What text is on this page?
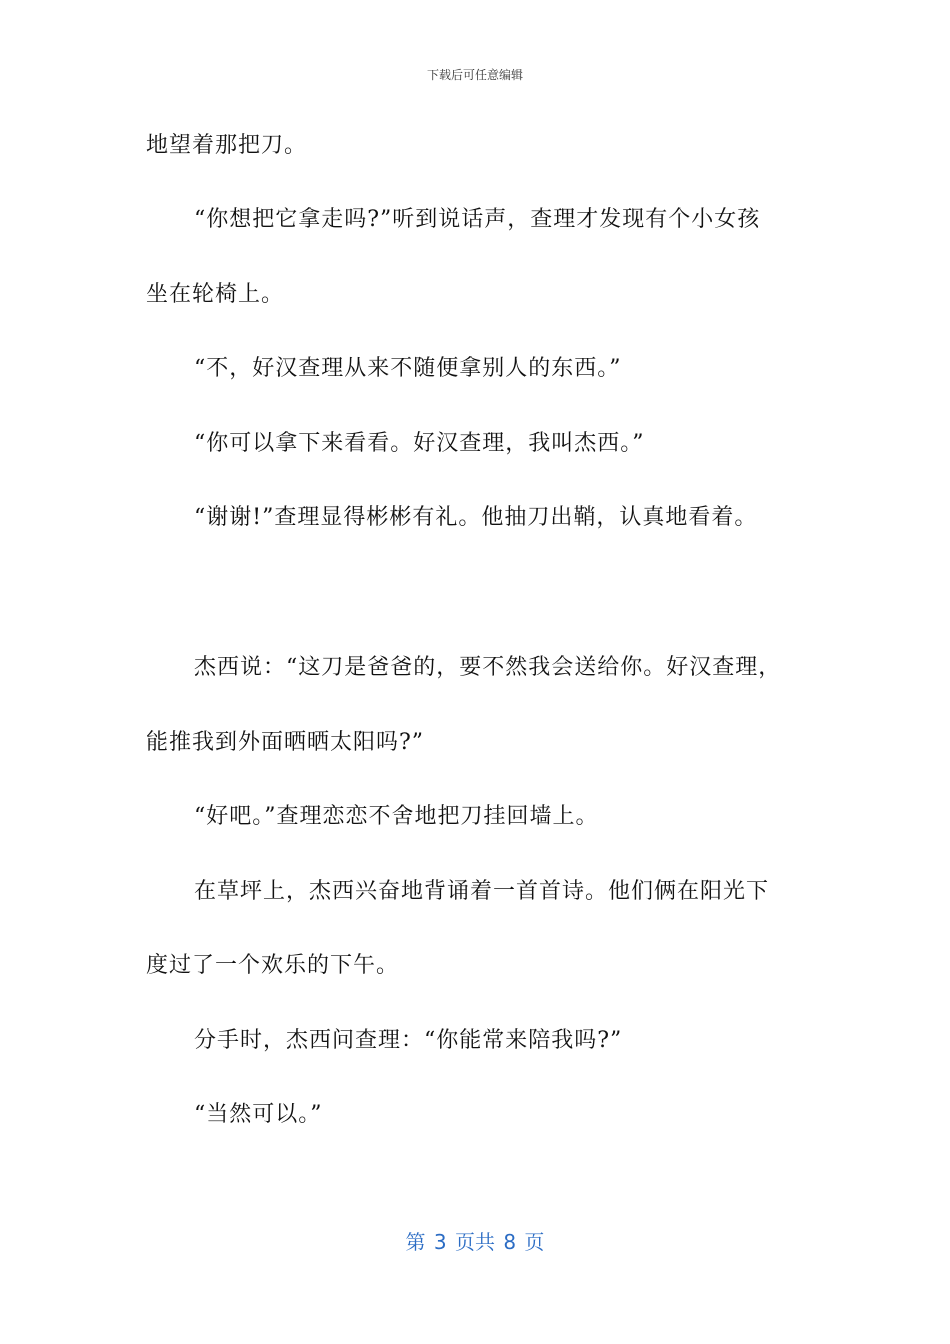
下载后可任意编辑
地望着那把刀。
“你想把它拿走吗?”听到说话声，查理才发现有个小女孩
坐在轮椅上。
“不，好汉查理从来不随便拿别人的东西。”
“你可以拿下来看看。好汉查理，我叫杰西。”
“谢谢!”查理显得彬彬有礼。他抽刀出鞘，认真地看着。
杰西说：“这刀是爸爸的，要不然我会送给你。好汉查理，
能推我到外面晒晒太阳吗?”
“好吧。”查理恋恋不舍地把刀挂回墙上。
在草坪上，杰西兴奋地背诵着一首首诗。他们俩在阳光下
度过了一个欢乐的下午。
分手时，杰西问查理：“你能常来陪我吗?”
“当然可以。”
第 3 页共 8 页
